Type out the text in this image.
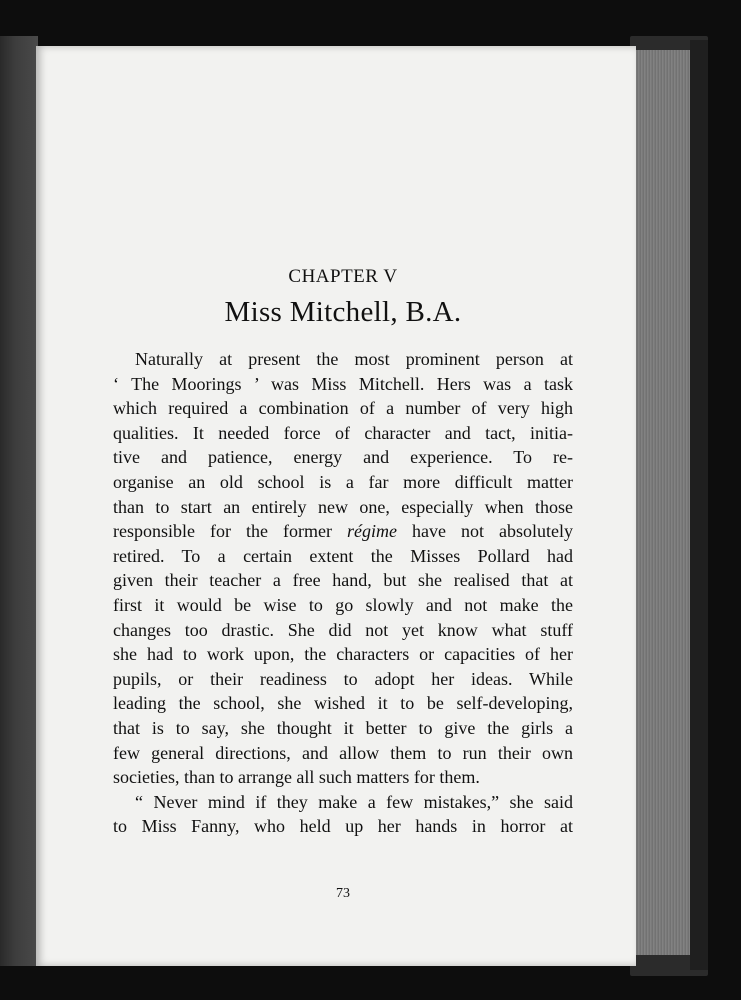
CHAPTER V
Miss Mitchell, B.A.
Naturally at present the most prominent person at
‘ The Moorings ’ was Miss Mitchell. Hers was a task
which required a combination of a number of very high
qualities. It needed force of character and tact, initia-
tive and patience, energy and experience. To re-
organise an old school is a far more difficult matter
than to start an entirely new one, especially when those
responsible for the former régime have not absolutely
retired. To a certain extent the Misses Pollard had
given their teacher a free hand, but she realised that at
first it would be wise to go slowly and not make the
changes too drastic. She did not yet know what stuff
she had to work upon, the characters or capacities of her
pupils, or their readiness to adopt her ideas. While
leading the school, she wished it to be self-developing,
that is to say, she thought it better to give the girls a
few general directions, and allow them to run their own
societies, than to arrange all such matters for them.
“ Never mind if they make a few mistakes,” she said
to Miss Fanny, who held up her hands in horror at
73
